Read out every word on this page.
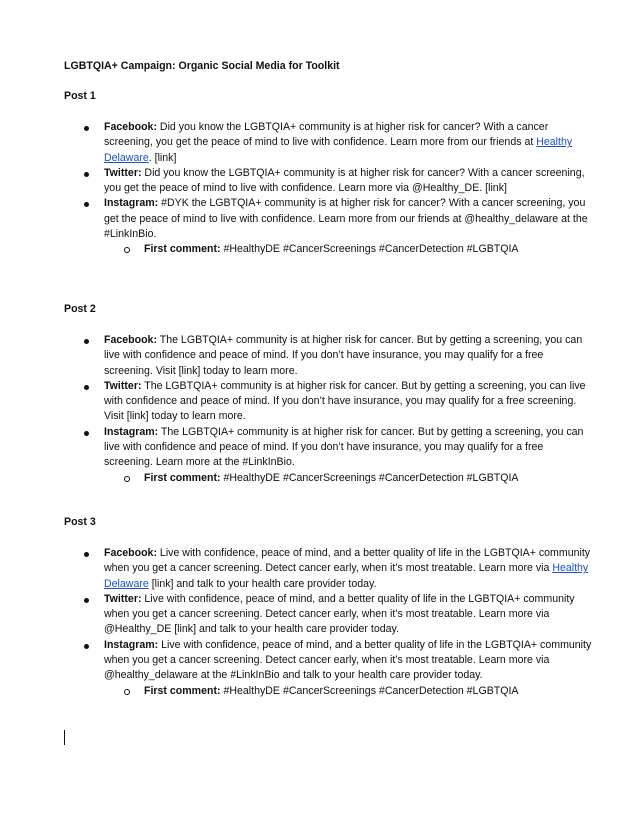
LGBTQIA+ Campaign: Organic Social Media for Toolkit
Post 1
Facebook: Did you know the LGBTQIA+ community is at higher risk for cancer? With a cancer screening, you get the peace of mind to live with confidence. Learn more from our friends at Healthy Delaware. [link]
Twitter: Did you know the LGBTQIA+ community is at higher risk for cancer? With a cancer screening, you get the peace of mind to live with confidence. Learn more via @Healthy_DE. [link]
Instagram: #DYK the LGBTQIA+ community is at higher risk for cancer? With a cancer screening, you get the peace of mind to live with confidence. Learn more from our friends at @healthy_delaware at the #LinkInBio.
First comment: #HealthyDE #CancerScreenings #CancerDetection #LGBTQIA
Post 2
Facebook: The LGBTQIA+ community is at higher risk for cancer. But by getting a screening, you can live with confidence and peace of mind. If you don’t have insurance, you may qualify for a free screening. Visit [link] today to learn more.
Twitter: The LGBTQIA+ community is at higher risk for cancer. But by getting a screening, you can live with confidence and peace of mind. If you don’t have insurance, you may qualify for a free screening. Visit [link] today to learn more.
Instagram: The LGBTQIA+ community is at higher risk for cancer. But by getting a screening, you can live with confidence and peace of mind. If you don’t have insurance, you may qualify for a free screening. Learn more at the #LinkInBio.
First comment: #HealthyDE #CancerScreenings #CancerDetection #LGBTQIA
Post 3
Facebook: Live with confidence, peace of mind, and a better quality of life in the LGBTQIA+ community when you get a cancer screening. Detect cancer early, when it’s most treatable. Learn more via Healthy Delaware [link] and talk to your health care provider today.
Twitter: Live with confidence, peace of mind, and a better quality of life in the LGBTQIA+ community when you get a cancer screening. Detect cancer early, when it’s most treatable. Learn more via @Healthy_DE [link] and talk to your health care provider today.
Instagram: Live with confidence, peace of mind, and a better quality of life in the LGBTQIA+ community when you get a cancer screening. Detect cancer early, when it’s most treatable. Learn more via @healthy_delaware at the #LinkInBio and talk to your health care provider today.
First comment: #HealthyDE #CancerScreenings #CancerDetection #LGBTQIA
